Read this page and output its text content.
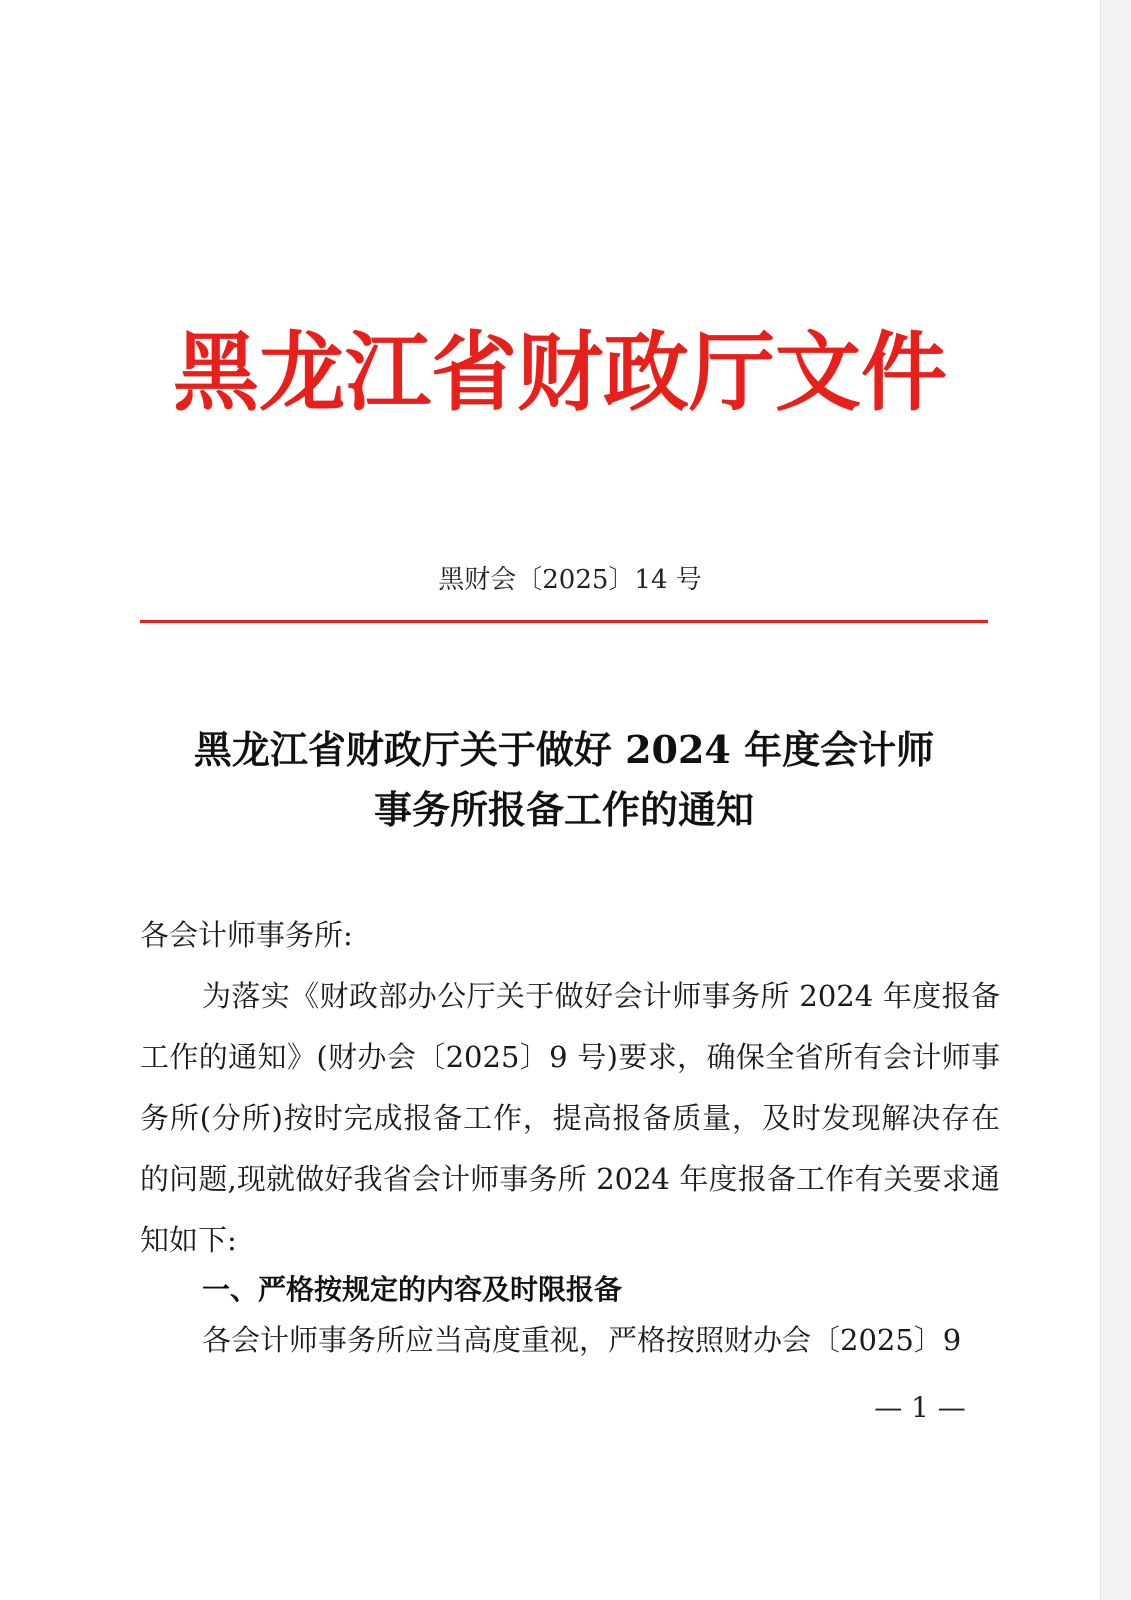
黑龙江省财政厅文件
黑财会〔2025〕14 号
黑龙江省财政厅关于做好 2024 年度会计师
事务所报备工作的通知
各会计师事务所:
为落实《财政部办公厅关于做好会计师事务所 2024 年度报备工作的通知》(财办会〔2025〕9 号)要求，确保全省所有会计师事务所(分所)按时完成报备工作，提高报备质量，及时发现解决存在的问题,现就做好我省会计师事务所 2024 年度报备工作有关要求通知如下:
一、严格按规定的内容及时限报备
各会计师事务所应当高度重视，严格按照财办会〔2025〕9
— 1 —
